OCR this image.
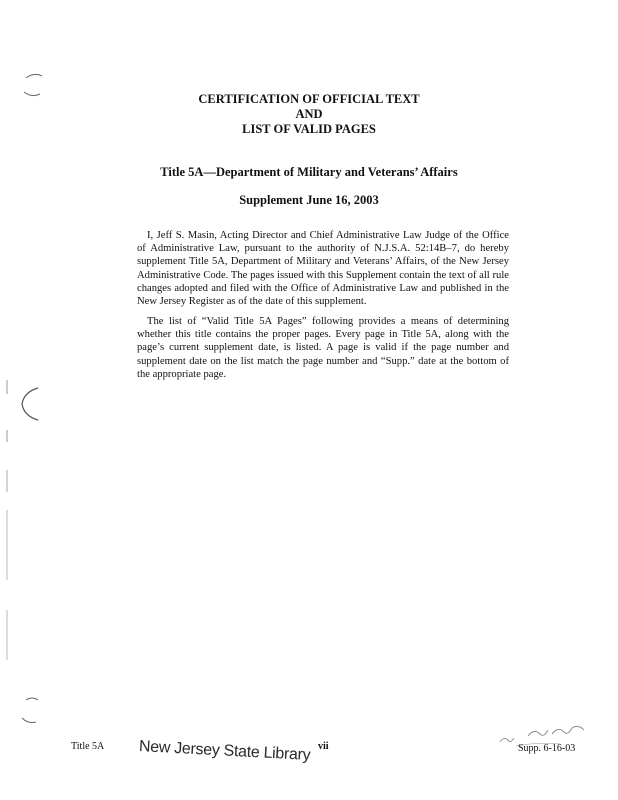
CERTIFICATION OF OFFICIAL TEXT
AND
LIST OF VALID PAGES
Title 5A—Department of Military and Veterans’ Affairs
Supplement June 16, 2003

I, Jeff S. Masin, Acting Director and Chief Administrative Law Judge of the Office of Administrative Law, pursuant to the authority of N.J.S.A. 52:14B–7, do hereby supplement Title 5A, Department of Military and Veterans’ Affairs, of the New Jersey Administrative Code. The pages issued with this Supplement contain the text of all rule changes adopted and filed with the Office of Administrative Law and published in the New Jersey Register as of the date of this supplement.

The list of “Valid Title 5A Pages” following provides a means of determining whether this title contains the proper pages. Every page in Title 5A, along with the page’s current supplement date, is listed. A page is valid if the page number and supplement date on the list match the page number and “Supp.” date at the bottom of the appropriate page.

Title 5A New Jersey State Library vii	Supp. 6-16-03
